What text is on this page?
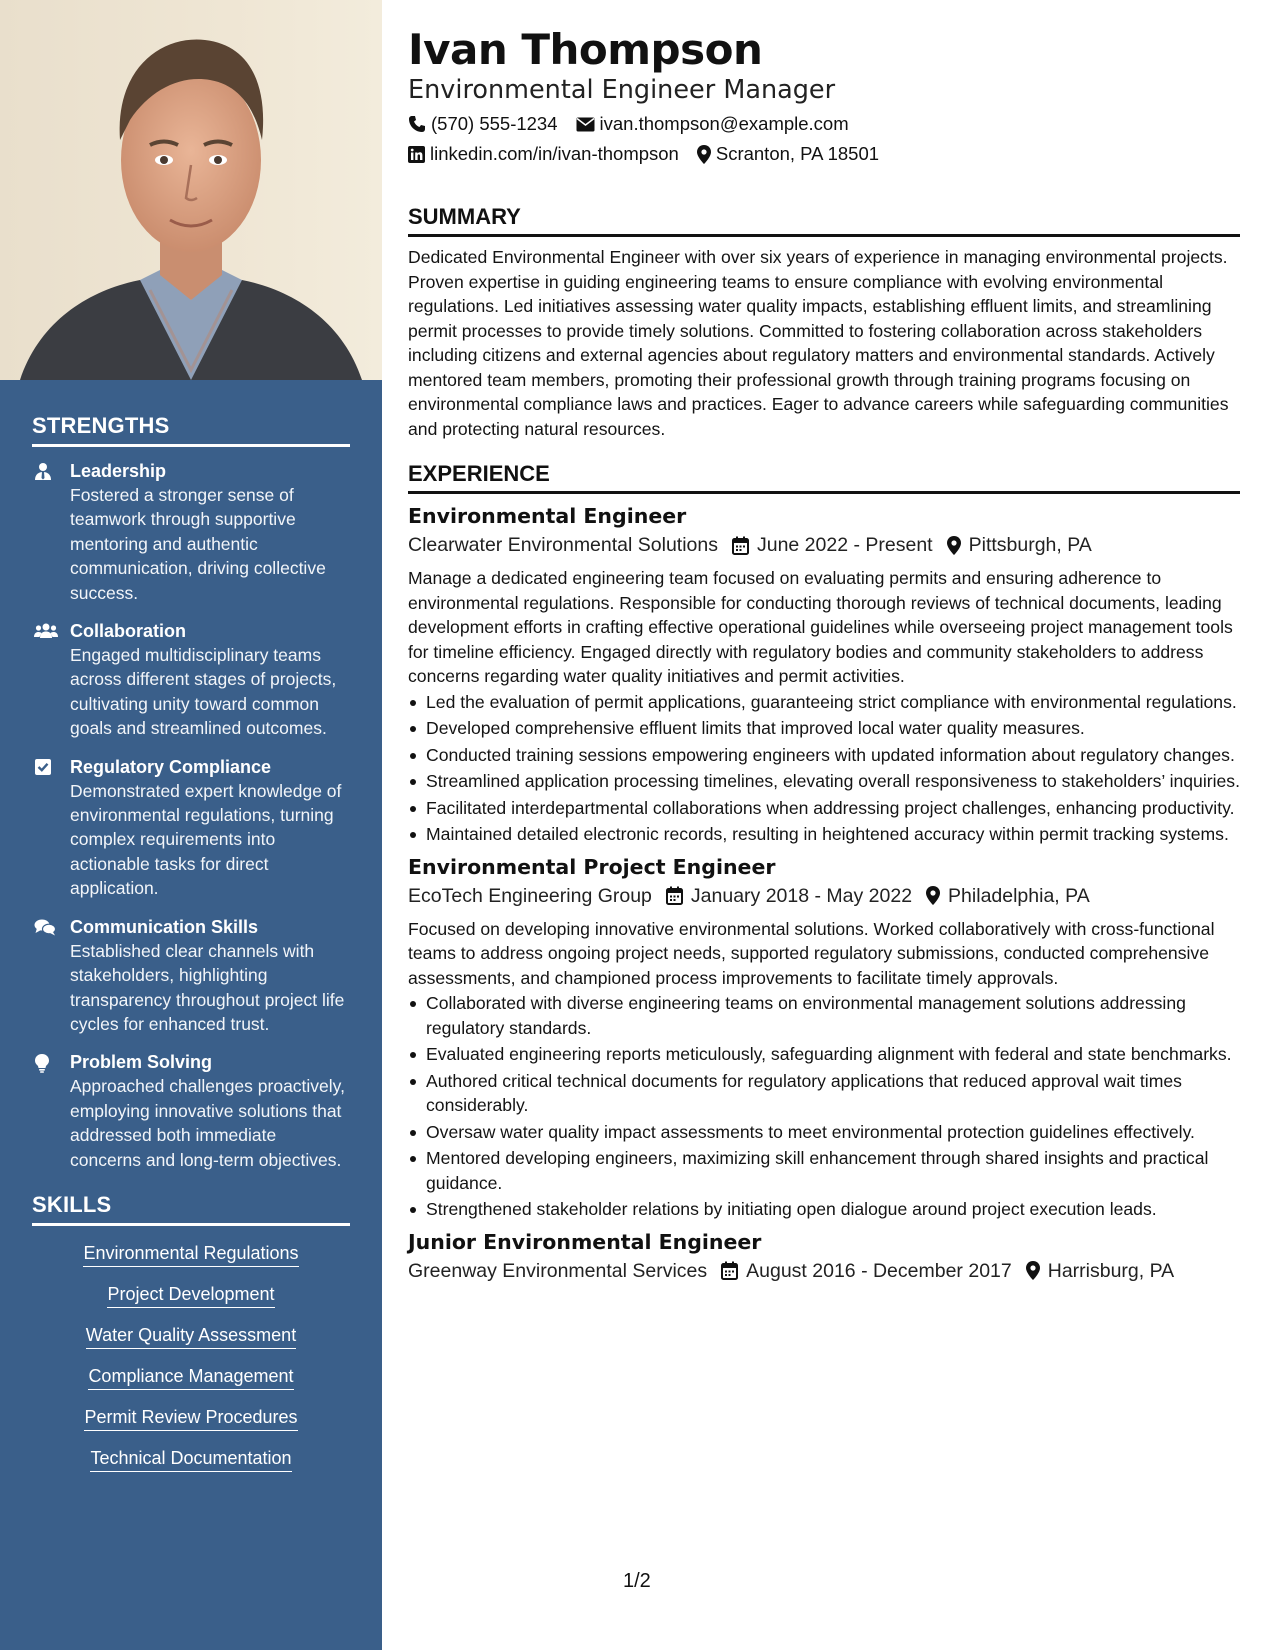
STRENGTHS
Leadership
Fostered a stronger sense of teamwork through supportive mentoring and authentic communication, driving collective success.
Collaboration
Engaged multidisciplinary teams across different stages of projects, cultivating unity toward common goals and streamlined outcomes.
Regulatory Compliance
Demonstrated expert knowledge of environmental regulations, turning complex requirements into actionable tasks for direct application.
Communication Skills
Established clear channels with stakeholders, highlighting transparency throughout project life cycles for enhanced trust.
Problem Solving
Approached challenges proactively, employing innovative solutions that addressed both immediate concerns and long-term objectives.
SKILLS
Environmental Regulations
Project Development
Water Quality Assessment
Compliance Management
Permit Review Procedures
Technical Documentation
Ivan Thompson
Environmental Engineer Manager
(570) 555-1234 ivan.thompson@example.com
linkedin.com/in/ivan-thompson Scranton, PA 18501
SUMMARY
Dedicated Environmental Engineer with over six years of experience in managing environmental projects. Proven expertise in guiding engineering teams to ensure compliance with evolving environmental regulations. Led initiatives assessing water quality impacts, establishing effluent limits, and streamlining permit processes to provide timely solutions. Committed to fostering collaboration across stakeholders including citizens and external agencies about regulatory matters and environmental standards. Actively mentored team members, promoting their professional growth through training programs focusing on environmental compliance laws and practices. Eager to advance careers while safeguarding communities and protecting natural resources.
EXPERIENCE
Environmental Engineer
Clearwater Environmental Solutions June 2022 - Present Pittsburgh, PA
Manage a dedicated engineering team focused on evaluating permits and ensuring adherence to environmental regulations. Responsible for conducting thorough reviews of technical documents, leading development efforts in crafting effective operational guidelines while overseeing project management tools for timeline efficiency. Engaged directly with regulatory bodies and community stakeholders to address concerns regarding water quality initiatives and permit activities.
Led the evaluation of permit applications, guaranteeing strict compliance with environmental regulations.
Developed comprehensive effluent limits that improved local water quality measures.
Conducted training sessions empowering engineers with updated information about regulatory changes.
Streamlined application processing timelines, elevating overall responsiveness to stakeholders’ inquiries.
Facilitated interdepartmental collaborations when addressing project challenges, enhancing productivity.
Maintained detailed electronic records, resulting in heightened accuracy within permit tracking systems.
Environmental Project Engineer
EcoTech Engineering Group January 2018 - May 2022 Philadelphia, PA
Focused on developing innovative environmental solutions. Worked collaboratively with cross-functional teams to address ongoing project needs, supported regulatory submissions, conducted comprehensive assessments, and championed process improvements to facilitate timely approvals.
Collaborated with diverse engineering teams on environmental management solutions addressing regulatory standards.
Evaluated engineering reports meticulously, safeguarding alignment with federal and state benchmarks.
Authored critical technical documents for regulatory applications that reduced approval wait times considerably.
Oversaw water quality impact assessments to meet environmental protection guidelines effectively.
Mentored developing engineers, maximizing skill enhancement through shared insights and practical guidance.
Strengthened stakeholder relations by initiating open dialogue around project execution leads.
Junior Environmental Engineer
Greenway Environmental Services August 2016 - December 2017 Harrisburg, PA
1/2
